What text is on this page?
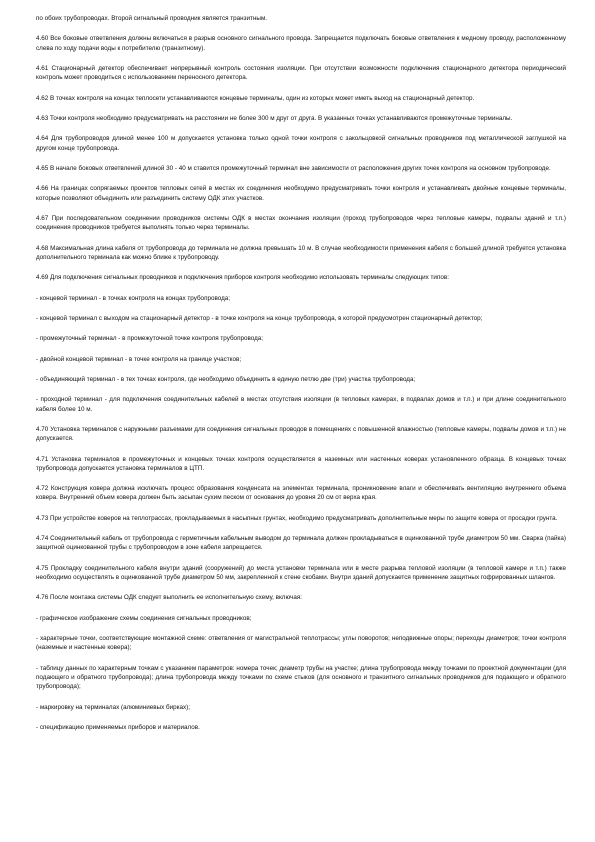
по обоих трубопроводах. Второй сигнальный проводник является транзитным.

4.60 Все боковые ответвления должны включаться в разрыв основного сигнального провода. Запрещается подключать боковые ответвления к медному проводу, расположенному слева по ходу подачи воды к потребителю (транзитному).

4.61 Стационарный детектор обеспечивает непрерывный контроль состояния изоляции. При отсутствии возможности подключения стационарного детектора периодический контроль может проводиться с использованием переносного детектора.

4.62 В точках контроля на концах теплосети устанавливаются концевые терминалы, один из которых может иметь выход на стационарный детектор.

4.63 Точки контроля необходимо предусматривать на расстоянии не более 300 м друг от друга. В указанных точках устанавливаются промежуточные терминалы.

4.64 Для трубопроводов длиной менее 100 м допускается установка только одной точки контроля с закольцовкой сигнальных проводников под металлической заглушкой на другом конце трубопровода.

4.65 В начале боковых ответвлений длиной 30 - 40 м ставится промежуточный терминал вне зависимости от расположения других точек контроля на основном трубопроводе.

4.66 На границах сопрягаемых проектов тепловых сетей в местах их соединения необходимо предусматривать точки контроля и устанавливать двойные концевые терминалы, которые позволяют объединить или разъединить систему ОДК этих участков.

4.67 При последовательном соединении проводников системы ОДК в местах окончания изоляции (проход трубопроводов через тепловые камеры, подвалы зданий и т.п.) соединения проводников требуется выполнять только через терминалы.

4.68 Максимальная длина кабеля от трубопровода до терминала не должна превышать 10 м. В случае необходимости применения кабеля с большей длиной требуется установка дополнительного терминала как можно ближе к трубопроводу.

4.69 Для подключения сигнальных проводников и подключения приборов контроля необходимо использовать терминалы следующих типов:

- концевой терминал - в точках контроля на концах трубопровода;

- концевой терминал с выходом на стационарный детектор - в точке контроля на конце трубопровода, в которой предусмотрен стационарный детектор;

- промежуточный терминал - в промежуточной точке контроля трубопровода;

- двойной концевой терминал - в точке контроля на границе участков;

- объединяющий терминал - в тех точках контроля, где необходимо объединить в единую петлю две (три) участка трубопровода;

- проходной терминал - для подключения соединительных кабелей в местах отсутствия изоляции (в тепловых камерах, в подвалах домов и т.п.) и при длине соединительного кабеля более 10 м.

4.70 Установка терминалов с наружными разъемами для соединения сигнальных проводов в помещениях с повышенной влажностью (тепловые камеры, подвалы домов и т.п.) не допускается.

4.71 Установка терминалов в промежуточных и концевых точках контроля осуществляется в наземных или настенных коверах установленного образца. В концевых точках трубопровода допускается установка терминалов в ЦТП.

4.72 Конструкция ковера должна исключать процесс образования конденсата на элементах терминала, проникновение влаги и обеспечивать вентиляцию внутреннего объема ковера. Внутренний объем ковера должен быть засыпан сухим песком от основания до уровня 20 см от верха края.

4.73 При устройстве коверов на теплотрассах, прокладываемых в насыпных грунтах, необходимо предусматривать дополнительные меры по защите ковера от просадки грунта.

4.74 Соединительный кабель от трубопровода с герметичным кабельным выводом до терминала должен прокладываться в оцинкованной трубе диаметром 50 мм. Сварка (пайка) защитной оцинкованной трубы с трубопроводом в зоне кабеля запрещается.

4.75 Прокладку соединительного кабеля внутри зданий (сооружений) до места установки терминала или в месте разрыва тепловой изоляции (в тепловой камере и т.п.) также необходимо осуществлять в оцинкованной трубе диаметром 50 мм, закрепленной к стене скобами. Внутри зданий допускается применение защитных гофрированных шлангов.

4.76 После монтажа системы ОДК следует выполнить ее исполнительную схему, включая:

- графическое изображение схемы соединения сигнальных проводников;

- характерные точки, соответствующие монтажной схеме: ответвления от магистральной теплотрассы; углы поворотов; неподвижные опоры; переходы диаметров; точки контроля (наземные и настенные ковера);

- таблицу данных по характерным точкам с указанием параметров: номера точек; диаметр трубы на участке; длина трубопровода между точками по проектной документации (для подающего и обратного трубопровода); длина трубопровода между точками по схеме стыков (для основного и транзитного сигнальных проводников для подающего и обратного трубопровода);

- маркировку на терминалах (алюминиевых бирках);

- спецификацию применяемых приборов и материалов.
